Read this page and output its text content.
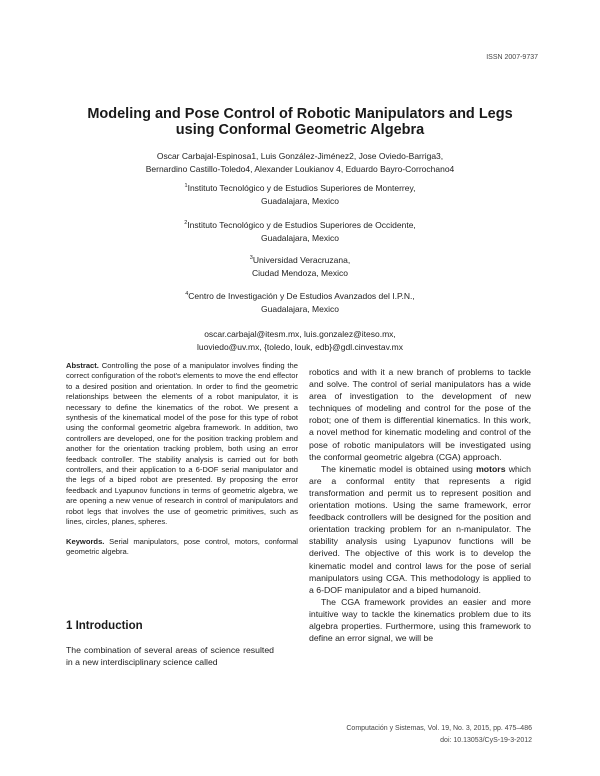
ISSN 2007-9737
Modeling and Pose Control of Robotic Manipulators and Legs
using Conformal Geometric Algebra
Oscar Carbajal-Espinosa1, Luis González-Jiménez2, Jose Oviedo-Barriga3,
Bernardino Castillo-Toledo4, Alexander Loukianov 4, Eduardo Bayro-Corrochano4
$^1$Instituto Tecnológico y de Estudios Superiores de Monterrey,
Guadalajara, Mexico
$^2$Instituto Tecnológico y de Estudios Superiores de Occidente,
Guadalajara, Mexico
$^3$Universidad Veracruzana,
Ciudad Mendoza, Mexico
$^4$Centro de Investigación y De Estudios Avanzados del I.P.N.,
Guadalajara, Mexico
oscar.carbajal@itesm.mx, luis.gonzalez@iteso.mx,
luoviedo@uv.mx, {toledo, louk, edb}@gdl.cinvestav.mx

Abstract. Controlling the pose of a manipulator involves finding the correct configuration of the robot's elements to move the end effector to a desired position and orientation. In order to find the geometric relationships between the elements of a robot manipulator, it is necessary to define the kinematics of the robot. We present a synthesis of the kinematical model of the pose for this type of robot using the conformal geometric algebra framework. In addition, two controllers are developed, one for the position tracking problem and another for the orientation tracking problem, both using an error feedback controller. The stability analysis is carried out for both controllers, and their application to a 6-DOF serial manipulator and the legs of a biped robot are presented. By proposing the error feedback and Lyapunov functions in terms of geometric algebra, we are opening a new venue of research in control of manipulators and robot legs that involves the use of geometric primitives, such as lines, circles, planes, spheres.

Keywords. Serial manipulators, pose control, motors, conformal geometric algebra.

1 Introduction

The combination of several areas of science resulted in a new interdisciplinary science called

robotics and with it a new branch of problems to tackle and solve. The control of serial manipulators has a wide area of investigation to the development of new techniques of modeling and control for the pose of the robot; one of them is differential kinematics. In this work, a novel method for kinematic modeling and control of the pose of robotic manipulators will be investigated using the conformal geometric algebra (CGA) approach.

The kinematic model is obtained using motors which are a conformal entity that represents a rigid transformation and permit us to represent position and orientation motions. Using the same framework, error feedback controllers will be designed for the position and orientation tracking problem for an n-manipulator. The stability analysis using Lyapunov functions will be derived. The objective of this work is to develop the kinematic model and control laws for the pose of serial manipulators using CGA. This methodology is applied to a 6-DOF manipulator and a biped humanoid.

The CGA framework provides an easier and more intuitive way to tackle the kinematics problem due to its algebra properties. Furthermore, using this framework to define an error signal, we will be

Computación y Sistemas, Vol. 19, No. 3, 2015, pp. 475–486
doi: 10.13053/CyS-19-3-2012
